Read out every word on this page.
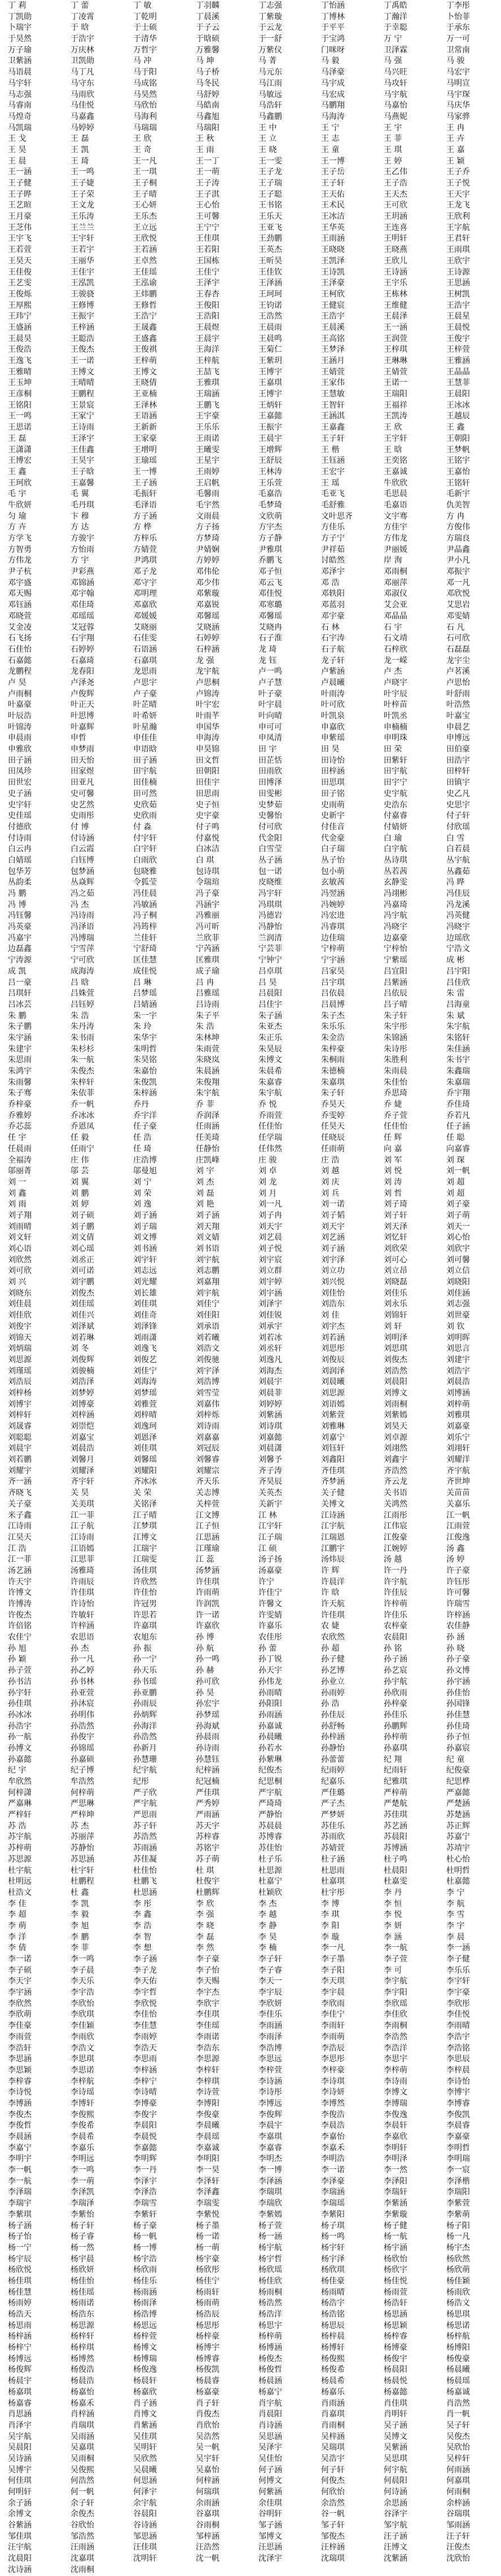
丁 莉	丁 蕾	丁 敏	丁羽麟	丁志强	丁怡涵	丁禹皓	丁李彤
丁凯勋	丁凌霄	丁乾明	丁晨溪	丁紫璇	丁博林	丁瀚洋	卜怡菲
卜瑞宇	于 晗	于士硕	于子云	于云龙	于平平	于幸聪	于承东
于昊然	于浩宇	于清华	于晗硕	于一舒	于宝鸿	万 宁	万一可
万子瑜	万庆林	万哲宇	万雅馨	万紫仪	门咪呀	卫泽霖	卫常南
卫紫涵	卫凯勋	马 冲	马 坤	马 菁	马 毅	马 强	马 骏
马语晨	马丁凡	马于阳	马子桥	马元东	马泽豪	马兴旺	马宏宇
马宇轩	马守东	马成铭	马冬民	马江雨	马宇成	马攻轩	马明宣
马志强	马雨欣	马昊然	马舒婷	马敏远	马宏成	马宇航	马宇琛
马睿南	马佳悦	马欣怡	马皓南	马浩轩	马鹏翔	马嘉怡	马庆华
马煌奇	马嘉鑫	马海利	马鑫旭	马鑫鹏	马海涛	马燕妮	马家骅
马凯瑞	马婷婷	马瑞瑞	马瑞阳	王 中	王 宁	王 宇	王 冉
王 戈	王 磊	王 欣	王 秋	王 立	王 志	王 菲	王 卉
王 昊	王 凯	王 奇	王 雨	王 晓	王 童	王 琪	王 嘉
王 晨	王 琦	王一凡	王一丁	王一雯	王一博	王 婷	王 颖
王一涵	王一鸣	王一琪	王一萌	王子龙	王子岳	王乙伟	王子乔
王子健	王子婕	王子桐	王子涛	王子瑞	王子轩	王子浩	王子悦
王子晔	王子荣	王子晴	王子淇	王子聪	王天佑	王天杰	王天宇
王艺暄	王文龙	王心妍	王心怡	王书铭	王术民	王可欣	王龙飞
王月豪	王乐涛	王乐杰	王可馨	王乐天	王冰洁	王玥涵	王欣利
王芝伟	王兰兰	王立远	王宁宁	王亚飞	王华英	王连喜	王字航
王宇飞	王宇轩	王欣悦	王佳琪	王劲鹏	王雨涵	王明轩	王君轩
王若萱	王若宇	王若涵	王若阳	王英杰	王晓晓	王晓燕	王雨琪
王昊天	王丽华	王卓然	王国栋	王昕昊	王凯泽	王欣儿	王欣宇
王佳俊	王佳宇	王佳瑶	王佳宁	王佳钦	王诗凯	王诗涵	王诗源
王艺雯	王泓凯	王泓谕	王泽宇	王泽涵	王泽豪	王宇乐	王思涵
王俊烁	王骏骁	王炜鹏	王春杏	王珂珂	王柯欣	王栋林	王树凯
王厚熙	王修博	王修哲	王俊阳	王钧诺	王健宸	王维健	王浩宇
王玮宁	王振宇	王浩宁	王浩阳	王浩然	王浩宇	王晨泽	王晨星
王盛涵	王梓涵	王晟鑫	王晨煜	王晨雨	王晨溪	王一涵	王晨悦
王晨昊	王聪浩	王盛鑫	王晨宇	王晨鸣	王高铭	王润萱	王俊宇
王俊浩	王俊杰	王俊祺	王海洋	王菊仁	王梦泽	王梓琪	王梓萱
王逸飞	王一诺	王梓萌	王梓航	王紫玥	王涵月	王琳琳	王雅涵
王雅晴	王博文	王博文	王喆飞	王博宇	王婧萱	王婧萱	王晶晶
王玉坤	王晴晴	王晓倩	王雅琪	王嘉琪	王家伟	王诺一	王慧菲
王彦桐	王鹏程	王亚楠	王瑞涵	王博宇	王慧敏	王瑞阳	王晨阳
王铭阳	王景宸	王泽林	王鹏飞	王炳轩	王智轩	王福祥	王冰冰
王一鸣	王家宁	王语涵	王宇豪	王嘉懿	王涵淇	王凯涛	王越辰
王思诺	王诗雨	王新新	王乐乐	王振宇	王嘉鑫	王 欣	王 鑫
王 磊	王泽宇	王家豪	王雨诺	王晨宇	王子轩	王宇轩	王朝阳
王潇潇	王佳鑫	王增明	王曦雯	王增辉	王 楷	王 晗	王梦帆
王博宏	王昊宇	王瑜瑶	王星宇	王舒辰	王钰涵	王奕铭	王铭宇
王 鑫	王子晗	王一博	王雨婷	王林涛	王宏宇	王嘉诚	王嘉怡
王珂欣	王嘉馨	王子涵	王启帆	王乐萱	王 瑶	牛欣欣	王铭轩
毛 宇	毛 翼	毛振轩	毛馨雨	毛嘉浩	毛亚飞	毛思晨	毛新宇
牛欣妍	毛丹琪	毛泽语	毛宇然	毛梦琦	毛舒雅	毛嘉语	仇美智
匀 瑜	卞 穆	方子涵	文雨晨	文欣萌	文叶思齐	文宇骞	方 冉
方 卉	方 达	方 桦	方子扬	方宇杰	方佳乐	方佳宇	方俊伟
方学飞	方骏宇	方梓乐	方梦琦	方子静	方子宁	方伟龙	方瑞良
方智勇	方怡雨	方婧萱	尹婧娴	尹雅琪	尹祥茹	尹丽媛	尹晶鑫
方伟龙	方 宇	尹鸿琪	方婷婷	乔鹏飞	讨皓然	岸 洵	尹小凡
尹子杭	尹彩燕	邓子龙	邓伟伦	邓子恒	邓泽宇	邓雨桐	邓振宇
邓宇盛	邓锦涵	邓守宇	邓少伟	邓云飞	邓 浩	邓丽萍	邓一凡
邓天赐	邓宇翰	邓明理	邓紫璇	邓佳悦	邓轶阳	邓淑仪	邓欣悦
邓钰涵	邓佳琦	邓嘉欣	邓嘉锐	邓寒璐	邓蓝羽	艾会亚	艾思岩
邓晓萱	邓瑶瑶	邓媛媛	邓馨瑶	邓馨瑶	邓宇豪	邓晶晶	邓雯婧
艾金凌	艾冠蓉	艾晓丽	艾晓涵	艾晓冉	石 林	石 宇	石 凡
石飞扬	石宇翔	石佳雯	石婷婷	石子淮	石宇涛	石文靖	石可欣
石佳怡	石婷婷	石语涵	石梓涵	龙 琦	石子航	石梓欣	石磊磊
石嘉懿	石嘉琦	石嘉琪	龙 强	龙 钰	龙子轩	龙一嵘	龙宇尘
龙鹏程	龙春阳	龙思雨	龙宇航	卢一鸣	卢紫涵	卢 杰	卢茗溪
卢 昊	卢泽尧	卢思宇	卢思桐	卢子慧	卢晨曦	卢晓宇	卢思怡
卢雨桐	卢俊辉	卢子豪	卢锦涛	叶子豪	叶雨涛	叶宇辰	叶舒雨
叶嘉豪	叶正天	叶芷晴	叶宇宏	叶宇晨	叶可欣	叶梓苗	叶浩然
叶辰浩	叶思博	叶希妍	叶雨芊	叶向晴	叶凯泉	叶凯丞	叶嘉宝
叶锦涛	叶嘉辉	叶星瀚	申国华	申可可	申嘉欣	申楠楠	申晨艺
申晨雨	申哲	申佳佳	申海涛	申凤清	申紫瑶	申明珠	申博远
申雅欣	申梦雨	申语晗	申昊锦	田 宇	田 昊	田 荣	田伯豪
田子涵	田天怡	田子涵	田文哲	田芷恬	田诗怡	田紫轩	田浩宇
田凤珍	田家煜	田宇航	田朝阳	田雨欣	田梓涵	田宇航	田梓轩
田世宏	田亚凡	田佳楠	田佳宇	田博泽	田思琪	田宇宁	田镇宇
史子涵	史可馨	田可然	田思雨	田雯彬	田子铭	史宇航	史乙凡
史宇轩	史艺然	史欣茹	史子恒	史梦茹	史雨萌	史浩东	史思宇
史佳瑶	史雨彤	史欣雨	史宇豪	史馨怡	史新宇	付嘉睿	付子轩
付德欣	付 博	付 淼	付子鸣	付可欣	付佳音	付婧妍	付欣瑶
付诗雨	付诗涵	付宇轩	付嘉悦	代金阳	代金豪	白 瑜	白 雪
白云冉	白云霞	白宇轩	白冰洁	白雪莹	白子瑞	白宇航	白若晨
白婧瑶	白钰博	白雨欣	白 琪	丛子涵	丛子怡	丛诗琪	丛宇航
包华芳	包梦涵	包晓雅	包诗琪	包一诺	包小萌	丛若茜	丛鑫茹
丛韵柔	丛焱辉	令狐莹	令瑞瑄	皮晓维	玄敏茜	玄静雯	冯 晔
冯 鹏	冯之茹	冯佳晨	冯子豪	冯宇轩	冯翌涵	冯翊彬	冯佳辰
冯 博	冯 杰	冯敏涵	冯涵宇	冯琪琪	冯婉婷	冯嘉琦	冯龙溪
冯钰馨	冯诗雨	冯子桐	冯雅丽	冯德岩	冯宏进	冯宇航	冯英健
冯英豪	冯泽语	冯筠梓	冯可昕	冯静怡	冯睿琪	冯晓宇	冯晓宇
冯嘉宇	冯博瑞	兰佳轩	兰欣菲	兰润清	边佳瑞	边嘉豪	边瑶欣
边磊鑫	宁雪萍	宁舒琦	宁芮涵	宁芸菲	宁梓萌	宁梓怡	宁浩文
宁涛源	宁可欣	匡佳慧	匡雅琪	宁钟宁	宁宇涵	宁紫瑶	成 彬
成 凯	成海涛	成佳悦	成子瑜	吕卓琪	吕家昊	吕宜阳	吕宇阳
吕一豪	吕 晗	吕 琳	吕 冉	吕 昊	吕宇琪	吕紫涵	吕佳欣
吕琪轩	吕姝萱	吕梦瑶	吕雅瑶	吕晨阳	吕依晨	吕依辰	朱 雷
吕冰芸	吕钰婷	吕婧涵	吕诗雨	吕佳宇	吕晨博	吕子晴	吕海童
朱 鹏	朱 浩	朱一宇	朱子平	朱子涵	朱子杰	朱子轩	朱 斌
朱子鹏	朱丹涛	朱 玲	朱 浩	朱亚杰	朱乐乐	朱宇彤	朱宇航
朱宇涵	朱书雨	朱华宇	朱林坤	朱正乐	朱金浩	朱锦涵	朱铭轩
朱建宇	朱杉杉	朱明哲	朱雨萱	朱昊辰	朱梓豪	朱诗彤	朱佳涵
朱思雨	朱一航	朱昊铭	朱晓岚	朱博文	朱桐雨	朱胜利	朱书宇
朱鸿宇	朱俊杰	朱嘉怡	朱晨涵	朱晨希	朱德楠	朱雨晨	朱鑫瑞
朱雨馨	朱梓轩	朱俊凯	朱俊翔	朱嘉睿	朱嘉琪	朱佳怡	朱嘉瑞
朱子骞	朱依菲	朱梓涵	朱宇航	朱宇航	朱子轩	乔思琦	乔宇翔
乔梓豪	乔一帆	乔丹	乔 菲	乔 悦	乔昊天	乔 婕	乔佳琦
乔雅婷	乔冰冰	乔宇洋	乔润泽	乔雨萱	乔雯婷	乔子萱	乔若凡
乔芯蕊	乔恩凤	任子豪	任雨涵	任佳怡	任昊天	任佳怡	任子涵
任 宇	任 毅	任 浩	任美琦	任学瑞	任晓辰	任 辉	任 聪
任晨雨	任雨宁	任 琦	任静怡	任伟然	任雨萌	向 嘉	向嘉睿
全福涛	庄 伟	庄浩博	庄凯峰	庄 骏	庄 浩	刘 军	刘 琛
邬丽菁	邬 芸	邬曼旭	刘 宇	刘 卓	刘 越	刘 悦	刘一帆
刘 一	刘 翼	刘 宁	刘 杰	刘 龙	刘 庆	刘 涛	刘 超
刘 鑫	刘 鹏	刘 荣	刘 磊	刘 月	刘 兵	刘 哲	刘 超
刘 雨	刘 婷	刘 逸	刘 艳	刘一凡	刘一诺	刘子琦	刘子豪
刘子翔	刘子硕	刘子涵	刘子涵	刘子冉	刘子韬	刘子轩	刘子萌
刘雨晴	刘子鹏	刘子瑞	刘天翔	刘天宇	刘天宇	刘天泽	刘天一
刘文轩	刘文倩	刘文博	刘文婧	刘艺晨	刘艺涵	刘忆轩	刘心怡
刘心语	刘心瑶	刘书涵	刘书语	刘子悦	刘子涵	刘欣荣	刘欣宇
刘欣然	刘丞正	刘宇轩	刘宇航	刘宇宸	刘宇泽	刘可心	刘可馨
刘可欣	刘可诺	刘志远	刘志鹏	刘立群	刘立功	刘立昂	刘立信
刘 兴	刘宇鹏	刘光耀	刘嘉翔	刘宇婷	刘兴悦	刘晓磊	刘晓阳
刘晓东	刘俊杰	刘长雄	刘宇航	刘宇涵	刘佳怡	刘佳乐	刘佳涵
刘佳晨	刘佳瑶	刘佳琪	刘佳宁	刘泽宇	刘浩东	刘永乐	刘志强
刘佳欣	刘佳兴	刘佳奇	刘佳阳	刘佳锐	刘 佳	刘锦轩	刘世豪
刘俊宇	刘泽斌	刘泽锋	刘承语	刘承宇	刘宇杰	刘 轩	刘 钦
刘锦天	刘若琳	刘雨潇	刘若曦	刘若冰	刘若涵	刘明泽	刘明晖
刘炳瑞	刘 冬	刘逸飞	刘浩文	刘丞轩	刘思彤	刘思琪	刘思言
刘思源	刘俊辉	刘俊艺	刘俊驰	刘逸凡	刘俊辰	刘俊杰	刘建宇
刘瑾瑶	刘骏楠	刘佳宁	刘宇泽	刘海杰	刘润泽	刘浩然	刘浩宇
刘浩辰	刘浩泽	刘海涛	刘浩博	刘晨宇	刘晨曦	刘晨阳	刘晨浩
刘梓杨	刘梦婷	刘梦瑶	刘雪莹	刘晨菲	刘思源	刘博文	刘博涵
刘博宇	刘博豪	刘雅萱	刘嘉伟	刘婷婷	刘语嫣	刘雨桐	刘梓萌
刘梓轩	刘梓涵	刘梓晴	刘梓烁	刘紫涵	刘紫萱	刘紫嫣	刘雅琪
刘晟睿	刘崇恺	刘逸珂	刘诗雨	刘诗琪	刘雅琳	刘昊天	刘嘉豪
刘聪聪	刘嘉宝	刘恩泽	刘嘉嘉	刘嘉懿	刘嘉宁	刘卓源	刘乐宁
刘晨宇	刘晨浩	刘佳琪	刘冠辰	刘晨潇	刘钰轩	刘翊然	刘翊轩
刘若鹏	刘馨月	刘馨瑶	刘馨睿	刘馨予	刘鑫阳	刘鑫宇	刘耀洋
刘耀宇	刘耀泽	刘耀阳	刘耀宗	齐子涛	齐佳琪	齐浩然	齐宇航
齐一涵	齐宇轩	齐冰冰	齐天乐	齐昊辰	齐梦涵	齐云龙	齐世坤
齐晓飞	关 昊	关 荣	关志博	关英杰	关子健	关书语	关苗苗
关子豪	关美琪	关铭泽	关梓萱	关新宇	关博文	关鸿然	关嘉乐
米子鑫	江一菲	江子晴	江文博	江 林	江诗涵	江雨彤	江一帆
江诗雨	江子航	江梦琪	江子恒	江宇轩	江宇航	江伟宸	江雨萱
江昊天	江诗雨	江博文	江思涵	江子瑞	江瑞恩	江俊豪	江俊逸
江 浩	江语嫣	江瑞宇	江瑾瑜	江 硕	江鹏宇	江婉婷	汤 鑫
江一菲	江思菲	江瑞雯	江 蕊	汤子扬	汤炜辰	汤 越	汤 婷
汤艺涵	汤雅琦	汤佳琪	汤梦涵	汤嘉豪	许 辉	许一丹	许子豪
许天宇	许雨辰	许欣然	许佳琪	许宁	许晨洋	许宇航	许钰彤
许博文	许佳琪	许佳怡	许雨萌	许佳宁	许 晗	许佳辰	许可馨
许博涛	许诗怡	许冠男	许润凯	许馨文	许天航	许梓萌	许瑞雪
许俊杰	许敏轩	许思若	许一诺	许雯婧	许佳琪	许佳乐	许梓涵
许倍铭	许梓涵	许嘉琪	许嘉欣	许嘉乐	农 婕	农梓豪	农佳静
农佳宁	农思语	农旭东	孙 博	农佳彤	农欣然	农晨阳	孙 涵
孙 旭	孙 杰	孙 振	孙 航	孙 蕾	孙 超	孙 铭	孙 晓
孙 颖	孙一凡	孙一宁	孙一鸣	孙丁锐	孙子健	孙子涵	孙子豪
孙子萱	孙乙婷	孙天乐	孙 赫	孙天宇	孙艺博	孙艺宸	孙文博
孙书洁	孙书林	孙书瑶	孙可欣	孙伟龙	孙业立	孙宇航	孙宇涵
孙宇轩	孙亚萱	孙亚鹏	孙 昊	孙雨晴	孙雨婷	孙欣雨	孙佳怡
孙佳琪	孙沐宸	孙雨辰	孙宏宇	孙阳阳	孙 浩	孙梓豪	孙国锋
孙冰冰	孙明伟	孙炳辉	孙梦瑶	孙雨涵	孙佳辰	孙佳乐	孙佳慧
孙浩宇	孙浩然	孙海洋	孙海斌	孙嘉诚	孙舒畅	孙鹏辉	孙佳琦
孙一航	孙俊宇	孙浩然	孙晨雨	孙晨曦	孙梓涵	孙梓萌	孙子恒
孙博文	孙锦瑶	孙新月	孙诗雨	孙若水	孙静怡	孙嘉琪	孙嘉宸
孙嘉懿	孙嘉硕	孙慧珊	孙慧钰	孙紫琳	孙蕾蕾	纪 翔	纪 童
纪 宇	纪子博	纪宇航	纪梓涵	纪俊杰	纪雨婷	纪雨轩	纪俊豪
牟欣然	牟浩然	纪彤	纪冠楠	纪思桐	纪嘉乐	纪雅琪	纪思桦
何梓潇	何梓萌	严子欣	严佳琪	严宇航	严佳璐	严梓萌	严嘉懿
严嘉琳	严思琳	严宇航	严秀婷	严琦琦	严子杰	严楚航	严楚涵
严梓轩	严梓坤	严思雨	严雨涵	严静怡	严梦妍	苏佳琪	苏楚涵
苏 浩	苏 杰	苏子轩	苏天宇	苏晨晨	苏佳乐	苏艺涵	苏正辉
苏宇航	苏丽萍	苏浩然	苏梓睿	苏博睿	苏雨欣	苏晨阳	苏嘉宁
苏梓萌	苏静怡	苏雨涵	苏铭宇	苏佳怡	苏婧萱	苏博涵	苏靖宇
苏思源	苏思涵	苏佳凝	苏子萌	杜子乐	杜子涵	杜子鸣	杜心怡
杜宇航	杜宇轩	杜佳怡	杜 琪	杜思源	杜思雨	杜晨阳	杜明哲
杜明远	杜鹏程	杜鹏飞	杜俊宇	杜嘉宁	杜嘉琪	杜嘉雯	杜嘉懿
杜浩文	杜 鑫	杜思涵	杜鹏辉	杜颖欣	杜宇彤	李 丹	李 宁
李 佳	李 凯	李 彤	李 欣	李 杰	李 博	李 恒	李 航
李 超	李 毅	李 鑫	李 强	李 越	李 琪	李 悦	李 雪
李 萌	李 旭	李 浩	李 晓	李 静	李 阳	李 妍	李 宇
李 洋	李 鹏	李 智	李 磊	李 昊	李 璇	李 涵	李 晨
李 倩	李 菲	李 想	李 然	李 楠	李一凡	李一航	李一涵
李一诺	李一鸣	李子涵	李子豪	李子轩	李子墨	李子萱	李子健
李子硕	李子晨	李子龙	李子怡	李子睿	李子阳	李 可	李乐乐
李天宇	李天乐	李天佑	李天赐	李天一	李天琪	李宇航	李宇轩
李宇涵	李宇浩	李宇哲	李宇杰	李宇辰	李宇晨	李宇阳	李宇豪
李欣然	李欣怡	李欣悦	李欣宇	李欣妍	李欣雨	李欣瑶	李欣彤
李欣萌	李欣琪	李佳怡	李佳琪	李佳乐	李佳宁	李佳欣	李佳悦
李佳豪	李佳颖	李佳慧	李佳瑶	李雨涵	李雨轩	李雨桐	李雨晴
李雨萱	李雨欣	李雨婷	李雨诺	李雨泽	李雨萌	李浩然	李浩宇
李浩轩	李浩文	李浩天	李浩东	李浩博	李浩辰	李浩洋	李浩铭
李思涵	李思琪	李思雨	李思源	李思远	李思彤	李思宇	李思辰
李思颖	李思诺	李梓涵	李梓轩	李梓萱	李梓豪	李梓萌	李梓晨
李梓睿	李梓航	李梓宁	李梓琪	李诗涵	李诗琪	李诗雨	李诗怡
李诗悦	李诗瑶	李诗晴	李诗萱	李诗彤	李诗妍	李博文	李博宇
李博涵	李博轩	李博豪	李博阳	李博远	李博然	李博瑞	李博睿
李俊杰	李俊熙	李俊宇	李俊豪	李俊辉	李俊浩	李俊逸	李俊凯
李俊哲	李俊希	李晨阳	李晨曦	李晨宇	李晨浩	李晨轩	李晨睿
李晨涵	李晨希	李晨悦	李晨瑶	李嘉琪	李嘉怡	李嘉欣	李嘉豪
李嘉宁	李嘉乐	李嘉懿	李嘉诚	李嘉睿	李嘉禾	李明轩	李明哲
李明宇	李明远	李明辉	李明阳	李明杰	李明浩	李明泽	李明瑞
李一帆	李一鸣	李一丹	李一昊	李一博	李一诺	李一然	李一宸
李一航	李一萌	李泽宇	李泽轩	李泽涵	李泽豪	李泽阳	李泽楷
李泽瑞	李泽凯	李泽浩	李泽鑫	李瑞琪	李瑞涵	李瑞轩	李瑞阳
李瑞宇	李瑞泽	李瑞雪	李瑞雯	李瑞欣	李瑞瑶	李紫涵	李紫萱
李紫琪	李紫怡	李紫轩	李紫悦	李紫嫣	李紫阳	李紫璇	李紫萌
杨子涵	杨子轩	杨子豪	杨子墨	杨子萱	杨子琪	杨子健	杨子阳
杨子怡	杨子睿	杨一帆	杨一诺	杨一涵	杨一鸣	杨一航	杨一凡
杨一宁	杨一然	杨一博	杨一萌	杨宇航	杨宇轩	杨宇涵	杨宇杰
杨宇辰	杨宇晨	杨宇浩	杨宇豪	杨宇哲	杨宇泽	杨欣怡	杨欣然
杨欣悦	杨欣妍	杨欣雨	杨欣彤	杨欣瑶	杨欣琪	杨欣宇	杨欣萌
杨佳琪	杨佳怡	杨佳乐	杨佳宁	杨佳欣	杨佳豪	杨佳悦	杨佳颖
杨佳慧	杨佳瑶	杨雨涵	杨雨轩	杨雨桐	杨雨晴	杨雨萱	杨雨欣
杨雨婷	杨雨诺	杨雨泽	杨雨萌	杨浩然	杨浩宇	杨浩轩	杨浩文
杨浩天	杨浩东	杨浩博	杨浩辰	杨浩洋	杨浩铭	杨思涵	杨思琪
杨思雨	杨思源	杨思远	杨思彤	杨思宇	杨思辰	杨思颖	杨思诺
杨梓涵	杨梓轩	杨梓萱	杨梓豪	杨梓萌	杨梓晨	杨梓睿	杨梓航
杨梓宁	杨梓琪	杨博文	杨博宇	杨博涵	杨博轩	杨博豪	杨博阳
杨博远	杨博然	杨博瑞	杨博睿	杨俊杰	杨俊熙	杨俊宇	杨俊豪
杨俊辉	杨俊浩	杨俊逸	杨俊凯	杨俊哲	杨俊希	杨晨阳	杨晨曦
杨晨宇	杨晨浩	杨晨轩	杨晨睿	杨晨涵	杨晨希	杨晨悦	杨晨瑶
杨嘉琪	杨嘉怡	杨嘉欣	杨嘉豪	杨嘉宁	杨嘉乐	杨嘉懿	杨嘉诚
杨嘉睿	杨嘉禾	肖子涵	肖子轩	肖宇航	肖雨涵	肖佳琪	肖浩然
肖思涵	肖梓涵	肖博文	肖俊杰	肖晨阳	肖嘉琪	肖明轩	肖一帆
肖泽宇	肖瑞琪	肖紫涵	肖欣怡	肖诗涵	肖雨桐	吴子涵	吴子轩
吴宇航	吴雨涵	吴佳琪	吴浩然	吴思涵	吴梓涵	吴博文	吴俊杰
吴晨阳	吴嘉琪	吴明轩	吴一帆	吴泽宇	吴瑞琪	吴紫涵	吴欣怡
吴诗涵	吴雨桐	吴欣然	吴宇轩	吴佳怡	吴浩宇	吴思琪	吴梓轩
吴博宇	吴俊熙	吴晨曦	吴嘉怡	何子涵	何子轩	何宇航	何雨涵
何佳琪	何浩然	何思涵	何梓涵	何博文	何俊杰	何晨阳	何嘉琪
何明轩	何一帆	何泽宇	何瑞琪	何紫涵	何欣怡	何诗涵	何雨桐
余子涵	余子轩	余宇航	余雨涵	余佳琪	余浩然	余思涵	余梓涵
余博文	余俊杰	谷晨阳	谷嘉琪	谷明轩	谷一帆	谷泽宇	谷瑞琪
谷紫涵	谷欣怡	谷诗涵	谷雨桐	邹子涵	邹子轩	邹宇航	邹雨涵
邹佳琪	邹浩然	邹思涵	邹梓涵	邹博文	邹俊杰	汪子涵	汪子轩
汪宇航	汪雨涵	汪佳琪	汪浩然	汪思涵	汪梓涵	汪博文	汪俊杰
沈晨阳	沈嘉琪	沈明轩	沈一帆	沈泽宇	沈瑞琪	沈紫涵	沈欣怡
沈诗涵	沈雨桐
